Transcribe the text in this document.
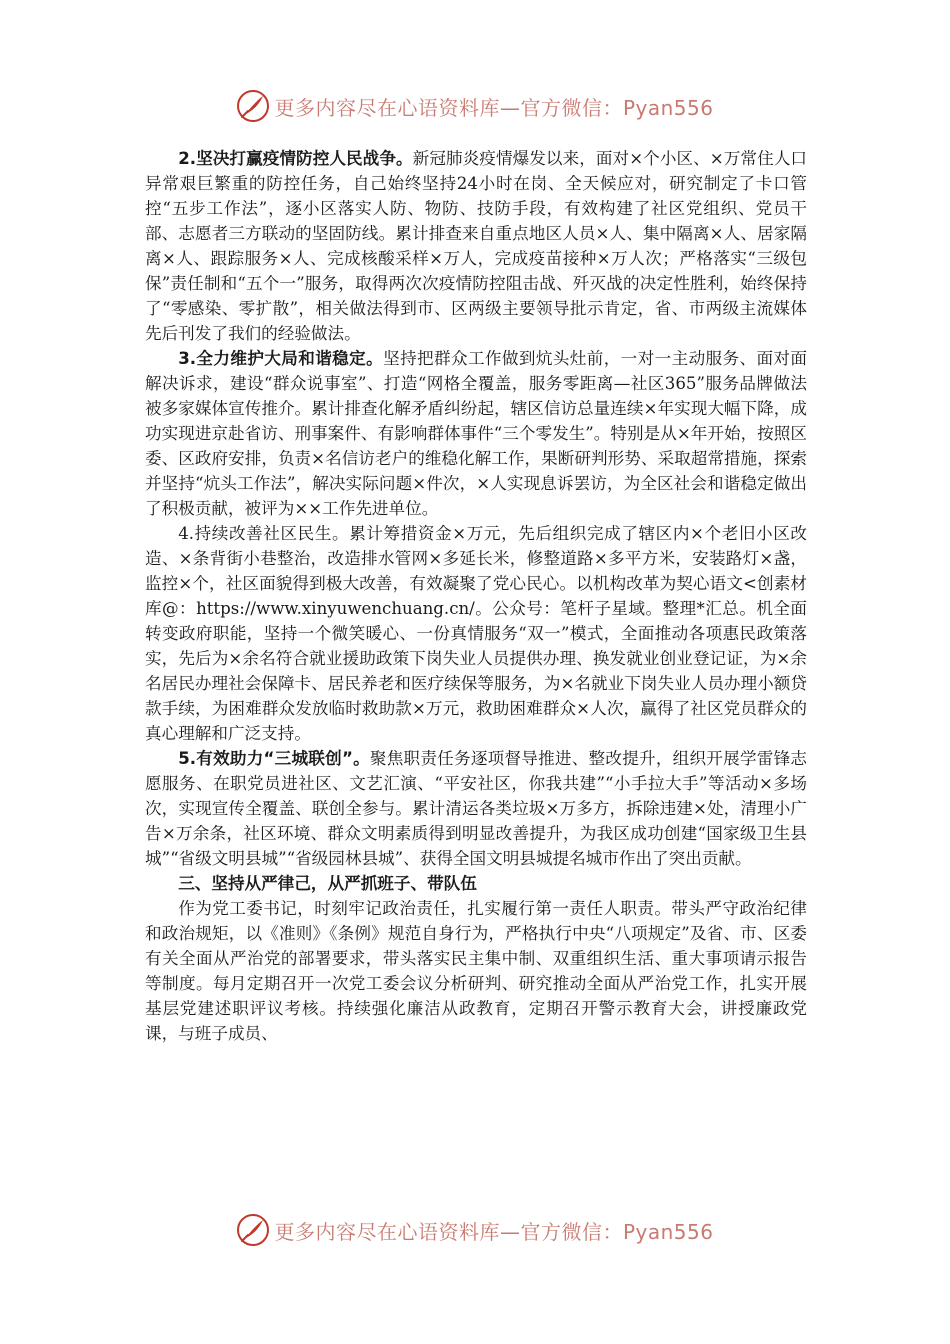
更多内容尽在心语资料库—官方微信：Pyan556

2.坚决打赢疫情防控人民战争。新冠肺炎疫情爆发以来，面对×个小区、×万常住人口异常艰巨繁重的防控任务，自己始终坚持24小时在岗、全天候应对，研究制定了卡口管控“五步工作法”，逐小区落实人防、物防、技防手段，有效构建了社区党组织、党员干部、志愿者三方联动的坚固防线。累计排查来自重点地区人员×人、集中隔离×人、居家隔离×人、跟踪服务×人、完成核酸采样×万人，完成疫苗接种×万人次；严格落实“三级包保”责任制和“五个一”服务，取得两次次疫情防控阻击战、歼灭战的决定性胜利，始终保持了“零感染、零扩散”，相关做法得到市、区两级主要领导批示肯定，省、市两级主流媒体先后刊发了我们的经验做法。

3.全力维护大局和谐稳定。坚持把群众工作做到炕头灶前，一对一主动服务、面对面解决诉求，建设“群众说事室”、打造“网格全覆盖，服务零距离—社区365”服务品牌做法被多家媒体宣传推介。累计排查化解矛盾纠纷起，辖区信访总量连续×年实现大幅下降，成功实现进京赴省访、刑事案件、有影响群体事件“三个零发生”。特别是从×年开始，按照区委、区政府安排，负责×名信访老户的维稳化解工作，果断研判形势、采取超常措施，探索并坚持“炕头工作法”，解决实际问题×件次，×人实现息诉罢访，为全区社会和谐稳定做出了积极贡献，被评为××工作先进单位。

4.持续改善社区民生。累计筹措资金×万元，先后组织完成了辖区内×个老旧小区改造、×条背街小巷整治，改造排水管网×多延长米，修整道路×多平方米，安装路灯×盏，监控×个，社区面貌得到极大改善，有效凝聚了党心民心。以机构改革为契心语文<创素材库@：https://www.xinyuwenchuang.cn/。公众号：笔杆子星域。整理*汇总。机全面转变政府职能，坚持一个微笑暖心、一份真情服务“双一”模式，全面推动各项惠民政策落实，先后为×余名符合就业援助政策下岗失业人员提供办理、换发就业创业登记证，为×余名居民办理社会保障卡、居民养老和医疗续保等服务，为×名就业下岗失业人员办理小额贷款手续，为困难群众发放临时救助款×万元，救助困难群众×人次，赢得了社区党员群众的真心理解和广泛支持。

5.有效助力“三城联创”。聚焦职责任务逐项督导推进、整改提升，组织开展学雷锋志愿服务、在职党员进社区、文艺汇演、“平安社区，你我共建”“小手拉大手”等活动×多场次，实现宣传全覆盖、联创全参与。累计清运各类垃圾×万多方，拆除违建×处，清理小广告×万余条，社区环境、群众文明素质得到明显改善提升，为我区成功创建“国家级卫生县城”“省级文明县城”“省级园林县城”、获得全国文明县城提名城市作出了突出贡献。

三、坚持从严律己，从严抓班子、带队伍

作为党工委书记，时刻牢记政治责任，扎实履行第一责任人职责。带头严守政治纪律和政治规矩，以《准则》《条例》规范自身行为，严格执行中央“八项规定”及省、市、区委有关全面从严治党的部署要求，带头落实民主集中制、双重组织生活、重大事项请示报告等制度。每月定期召开一次党工委会议分析研判、研究推动全面从严治党工作，扎实开展基层党建述职评议考核。持续强化廉洁从政教育，定期召开警示教育大会，讲授廉政党课，与班子成员、

更多内容尽在心语资料库—官方微信：Pyan556
